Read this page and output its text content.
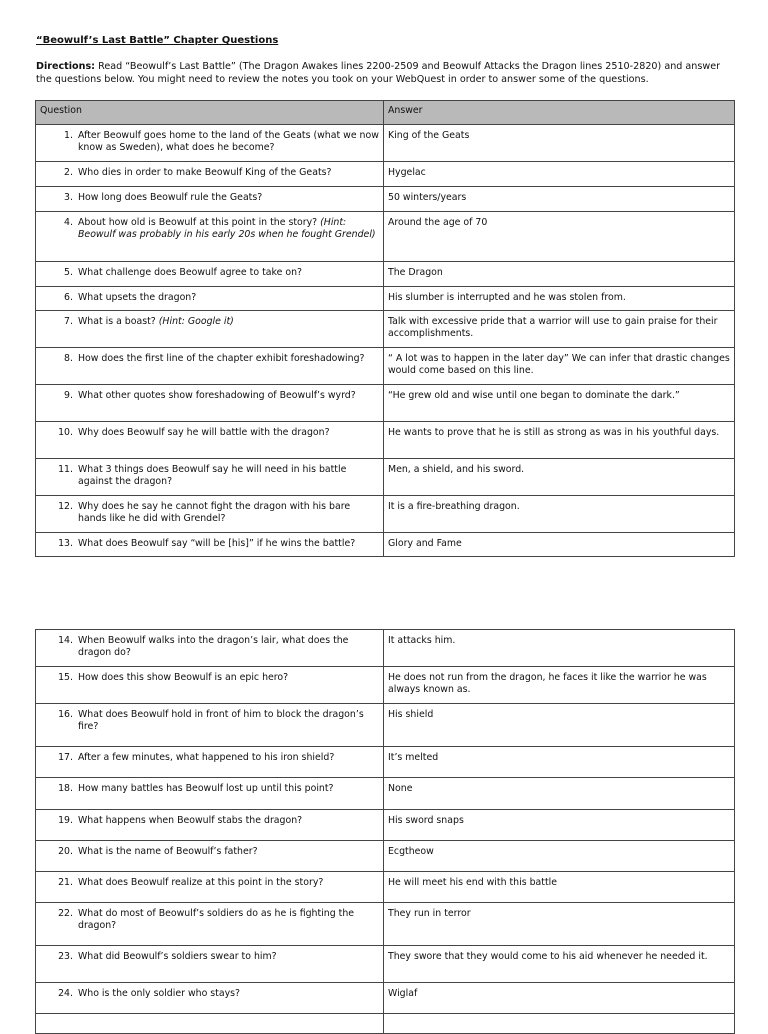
“Beowulf’s Last Battle” Chapter Questions
Directions: Read “Beowulf’s Last Battle” (The Dragon Awakes lines 2200-2509 and Beowulf Attacks the Dragon lines 2510-2820) and answer the questions below. You might need to review the notes you took on your WebQuest in order to answer some of the questions.
Question	Answer

1. After Beowulf goes home to the land of the Geats (what we now know as Sweden), what does he become?	King of the Geats

2. Who dies in order to make Beowulf King of the Geats?	Hygelac

3. How long does Beowulf rule the Geats?	50 winters/years

4. About how old is Beowulf at this point in the story? (Hint: Beowulf was probably in his early 20s when he fought Grendel)	Around the age of 70

5. What challenge does Beowulf agree to take on?	The Dragon

6. What upsets the dragon?	His slumber is interrupted and he was stolen from.

7. What is a boast? (Hint: Google it)	Talk with excessive pride that a warrior will use to gain praise for their accomplishments.

8. How does the first line of the chapter exhibit foreshadowing?	“ A lot was to happen in the later day” We can infer that drastic changes would come based on this line.

9. What other quotes show foreshadowing of Beowulf’s wyrd?	“He grew old and wise until one began to dominate the dark.”

10. Why does Beowulf say he will battle with the dragon?	He wants to prove that he is still as strong as was in his youthful days.

11. What 3 things does Beowulf say he will need in his battle against the dragon?	Men, a shield, and his sword.

12. Why does he say he cannot fight the dragon with his bare hands like he did with Grendel?	It is a fire-breathing dragon.

13. What does Beowulf say “will be [his]” if he wins the battle?	Glory and Fame
14. When Beowulf walks into the dragon’s lair, what does the dragon do?	It attacks him.

15. How does this show Beowulf is an epic hero?	He does not run from the dragon, he faces it like the warrior he was always known as.

16. What does Beowulf hold in front of him to block the dragon’s fire?	His shield

17. After a few minutes, what happened to his iron shield?	It’s melted

18. How many battles has Beowulf lost up until this point?	None

19. What happens when Beowulf stabs the dragon?	His sword snaps

20. What is the name of Beowulf’s father?	Ecgtheow

21. What does Beowulf realize at this point in the story?	He will meet his end with this battle

22. What do most of Beowulf’s soldiers do as he is fighting the dragon?	They run in terror

23. What did Beowulf’s soldiers swear to him?	They swore that they would come to his aid whenever he needed it.

24. Who is the only soldier who stays?	Wiglaf
